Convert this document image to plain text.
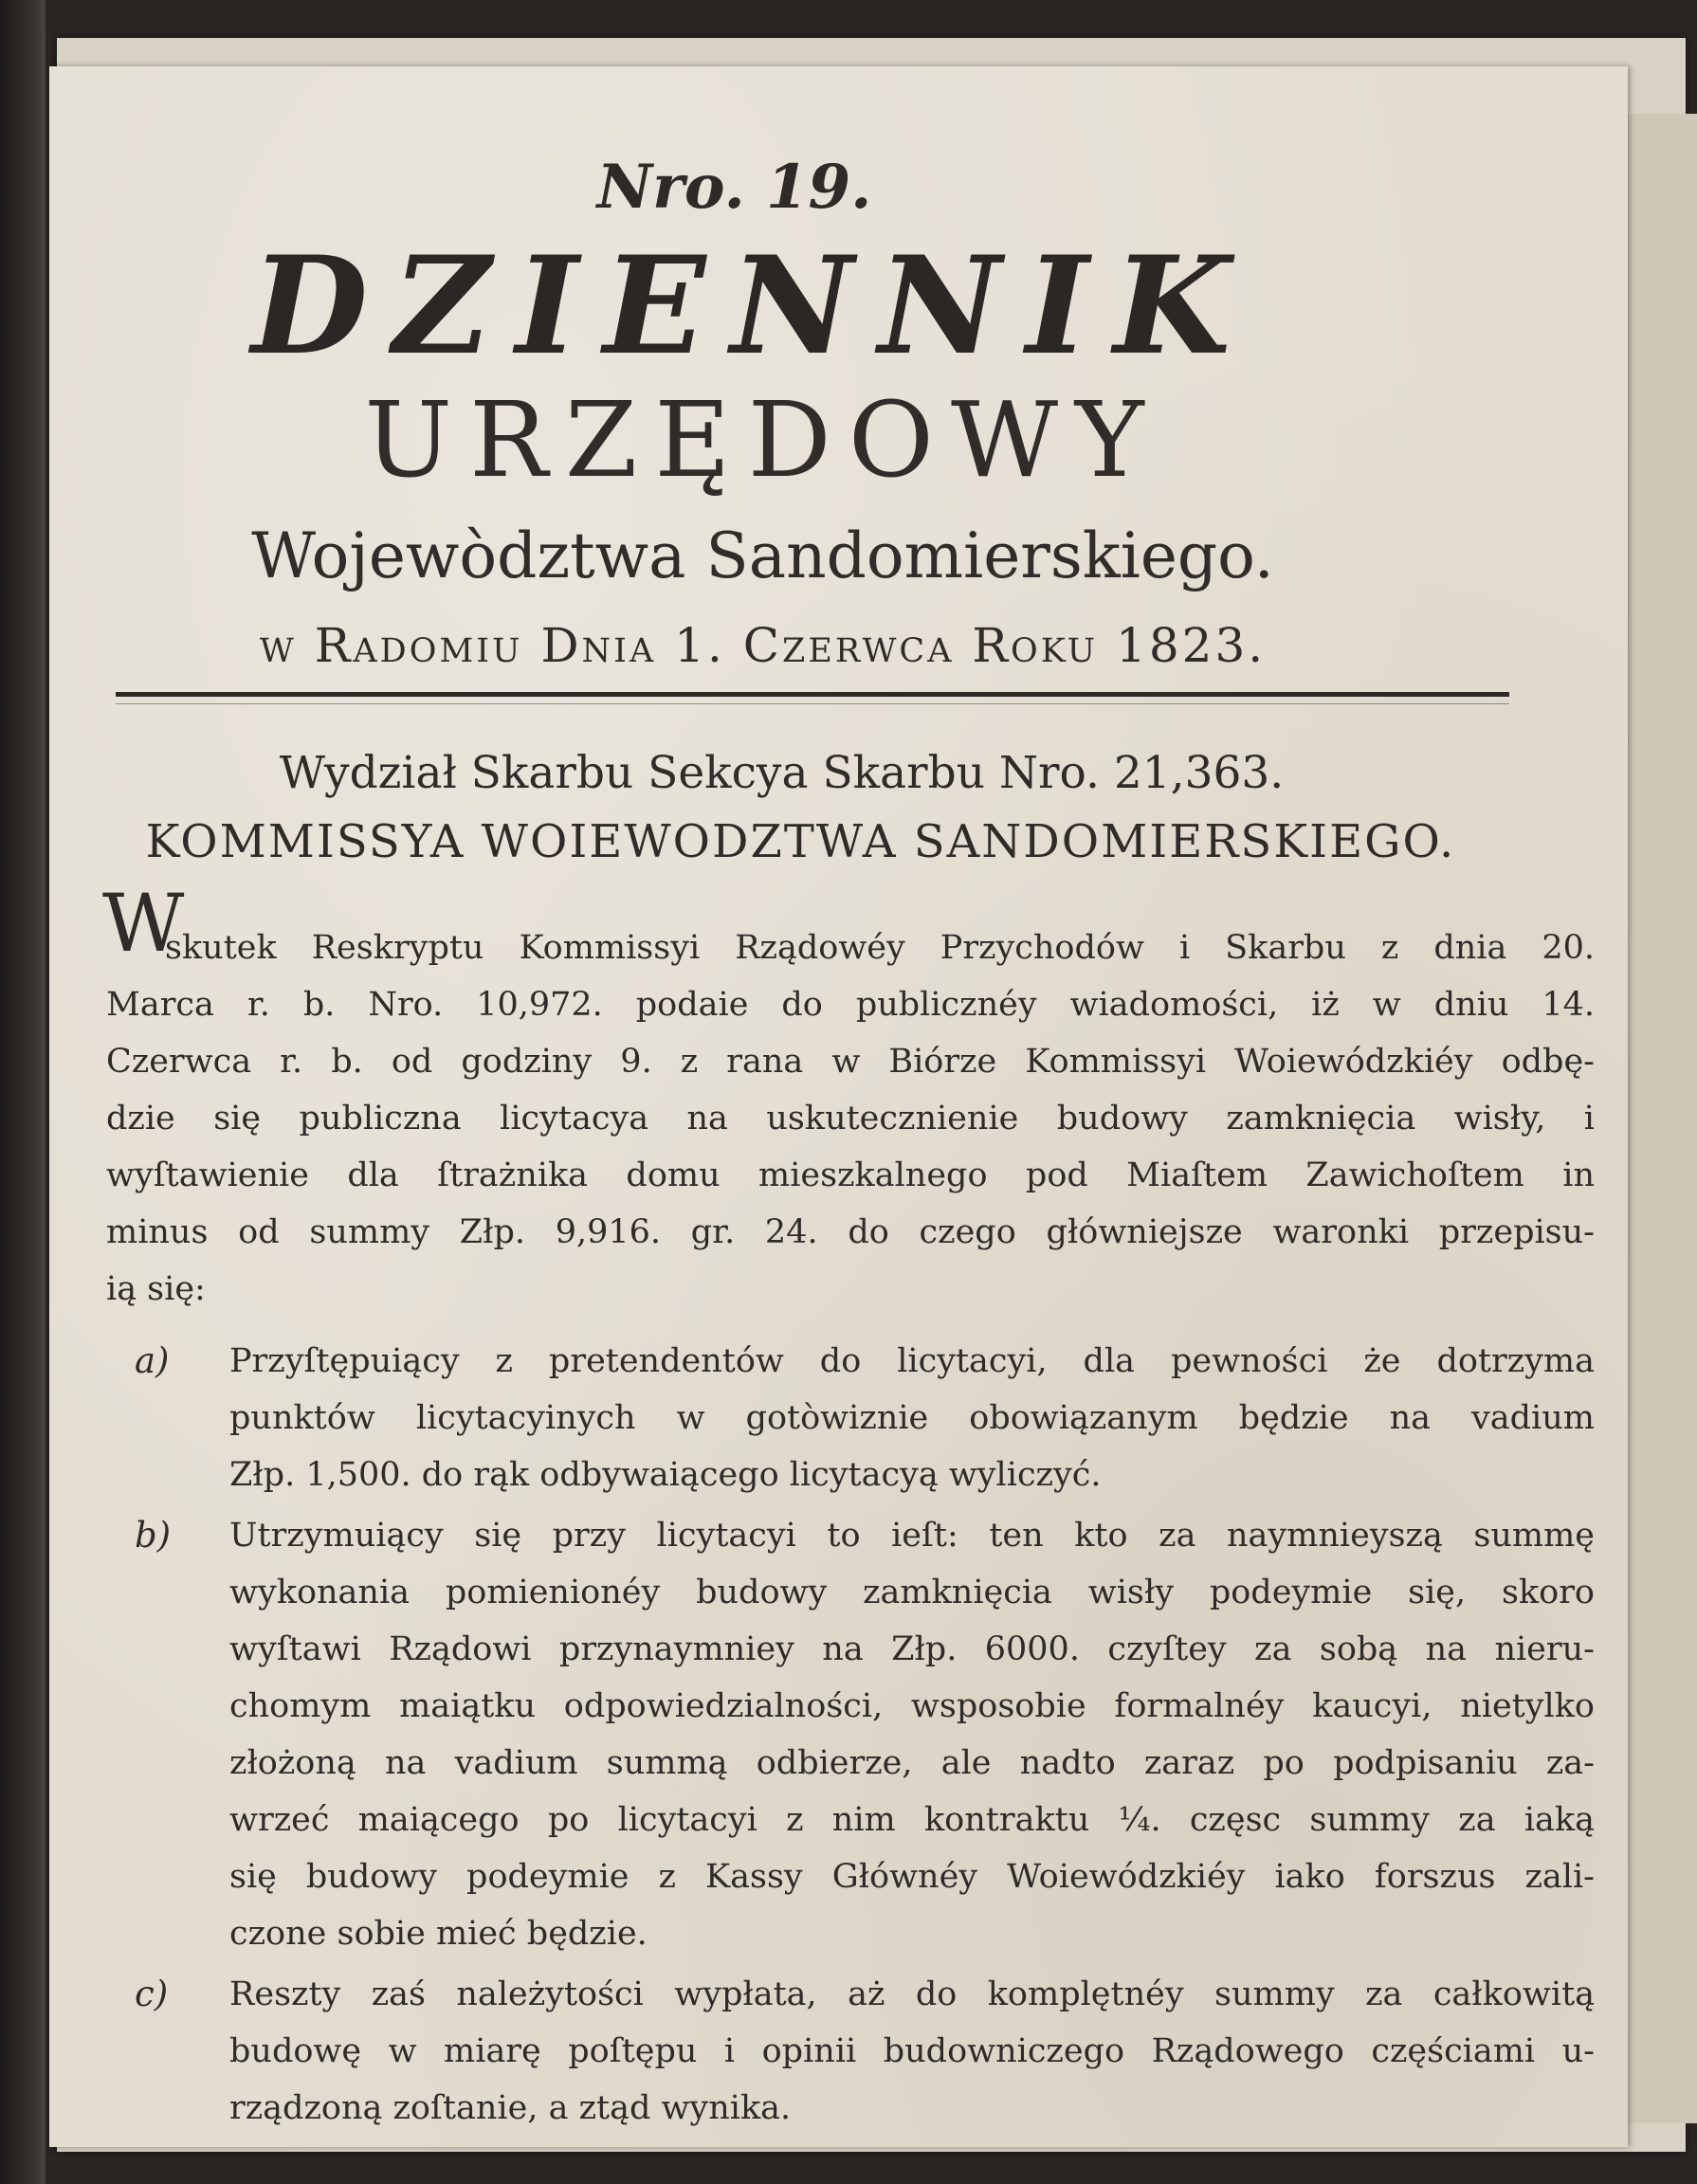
Nro. 19.
DZIENNIK
URZĘDOWY
Wojewòdztwa Sandomierskiego.
w Radomiu Dnia 1. Czerwca Roku 1823.
Wydział Skarbu Sekcya Skarbu Nro. 21,363.
KOMMISSYA WOIEWODZTWA SANDOMIERSKIEGO.
W
skutek Reskryptu Kommissyi Rządowéy Przychodów i Skarbu z dnia 20.
Marca r. b. Nro. 10,972. podaie do publicznéy wiadomości, iż w dniu 14.
Czerwca r. b. od godziny 9. z rana w Biórze Kommissyi Woiewódzkiéy odbę-
dzie się publiczna licytacya na uskutecznienie budowy zamknięcia wisły, i
wyſtawienie dla ſtrażnika domu mieszkalnego pod Miaſtem Zawichoſtem in
minus od summy Złp. 9,916. gr. 24. do czego główniejsze waronki przepisu-
ią się:
a) Przyſtępuiący z pretendentów do licytacyi, dla pewności że dotrzyma
punktów licytacyinych w gotòwiznie obowiązanym będzie na vadium
Złp. 1,500. do rąk odbywaiącego licytacyą wyliczyć.
b) Utrzymuiący się przy licytacyi to ieſt: ten kto za naymnieyszą summę
wykonania pomienionéy budowy zamknięcia wisły podeymie się, skoro
wyſtawi Rządowi przynaymniey na Złp. 6000. czyſtey za sobą na nieru-
chomym maiątku odpowiedzialności, wsposobie formalnéy kaucyi, nietylko
złożoną na vadium summą odbierze, ale nadto zaraz po podpisaniu za-
wrzeć maiącego po licytacyi z nim kontraktu ¼. częsc summy za iaką
się budowy podeymie z Kassy Głównéy Woiewódzkiéy iako forszus zali-
czone sobie mieć będzie.
c) Reszty zaś należytości wypłata, aż do komplętnéy summy za całkowitą
budowę w miarę poſtępu i opinii budowniczego Rządowego częściami u-
rządzoną zoſtanie, a ztąd wynika.
